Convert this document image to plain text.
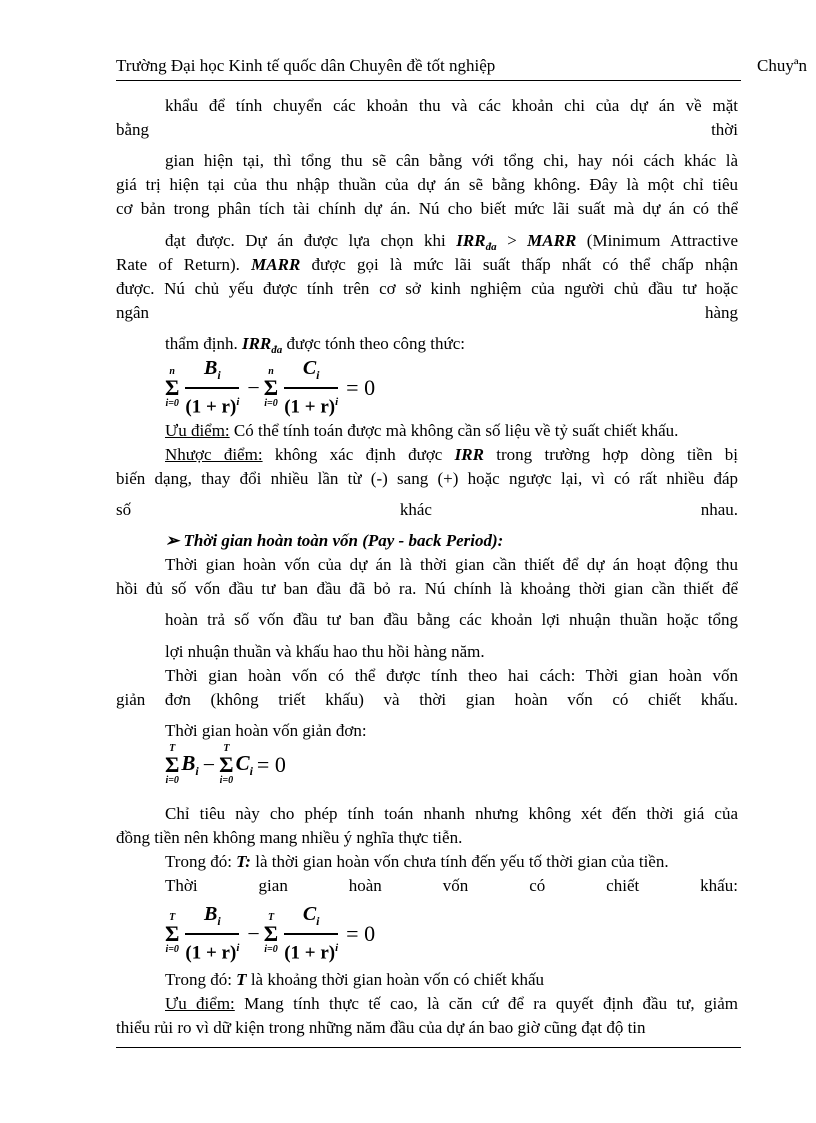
Trường Đại học Kinh tế quốc dân Chuyên đề tốt nghiệp	Chuyªn
khẩu để tính chuyển các khoản thu và các khoản chi của dự án về mặt
bằng	thời
gian hiện tại, thì tổng thu sẽ cân bằng với tổng chi, hay nói cách khác là
giá trị hiện tại của thu nhập thuần của dự án sẽ bằng không. Đây là một chỉ tiêu
cơ bản trong phân tích tài chính dự án. Nú cho biết mức lãi suất mà dự án có thể
đạt được. Dự án được lựa chọn khi $IRR_{đa}$ > MARR (Minimum Attractive
Rate of Return). MARR được gọi là mức lãi suất thấp nhất có thể chấp nhận
được. Nú chủ yếu được tính trên cơ sở kinh nghiệm của người chủ đầu tư hoặc
ngân	hàng
thẩm định. $IRR_{đa}$ được tónh theo công thức:
n
Σ
$i=0 \frac{B_i}{(1 + r)^i}$ −
n
Σ
$i=0 \frac{C_i}{(1 + r)^i} = 0$
Ưu điểm: Có thể tính toán được mà không cần số liệu về tỷ suất chiết khấu.
Nhược điểm: không xác định được IRR trong trường hợp dòng tiền bị
biến dạng, thay đổi nhiều lần từ (-) sang (+) hoặc ngược lại, vì có rất nhiều đáp
số	khác	nhau.
➢ Thời gian hoàn toàn vốn (Pay - back Period):
Thời gian hoàn vốn của dự án là thời gian cần thiết để dự án hoạt động thu
hồi đủ số vốn đầu tư ban đầu đã bỏ ra. Nú chính là khoảng thời gian cần thiết để
hoàn trả số vốn đầu tư ban đầu bằng các khoản lợi nhuận thuần hoặc tổng
lợi nhuận thuần và khấu hao thu hồi hàng năm.
Thời gian hoàn vốn có thể được tính theo hai cách: Thời gian hoàn vốn
giản đơn (không triết khấu) và thời gian hoàn vốn có chiết khấu.
Thời gian hoàn vốn giản đơn:
T
Σ
i=0
$B_i$ −
T
Σ
i=0
$C_i = 0$
Chỉ tiêu này cho phép tính toán nhanh nhưng không xét đến thời giá của
đồng tiền nên không mang nhiều ý nghĩa thực tiễn.
Trong đó: T: là thời gian hoàn vốn chưa tính đến yếu tố thời gian của tiền.
Thời	gian	hoàn	vốn	có	chiết	khấu:
T
Σ
$i=0 \frac{B_i}{(1 + r)^i}$ −
T
Σ
$i=0 \frac{C_i}{(1 + r)^i} = 0$
Trong đó: T là khoảng thời gian hoàn vốn có chiết khấu
Ưu điểm: Mang tính thực tế cao, là căn cứ để ra quyết định đầu tư, giảm
thiểu rủi ro vì dữ kiện trong những năm đầu của dự án bao giờ cũng đạt độ tin
